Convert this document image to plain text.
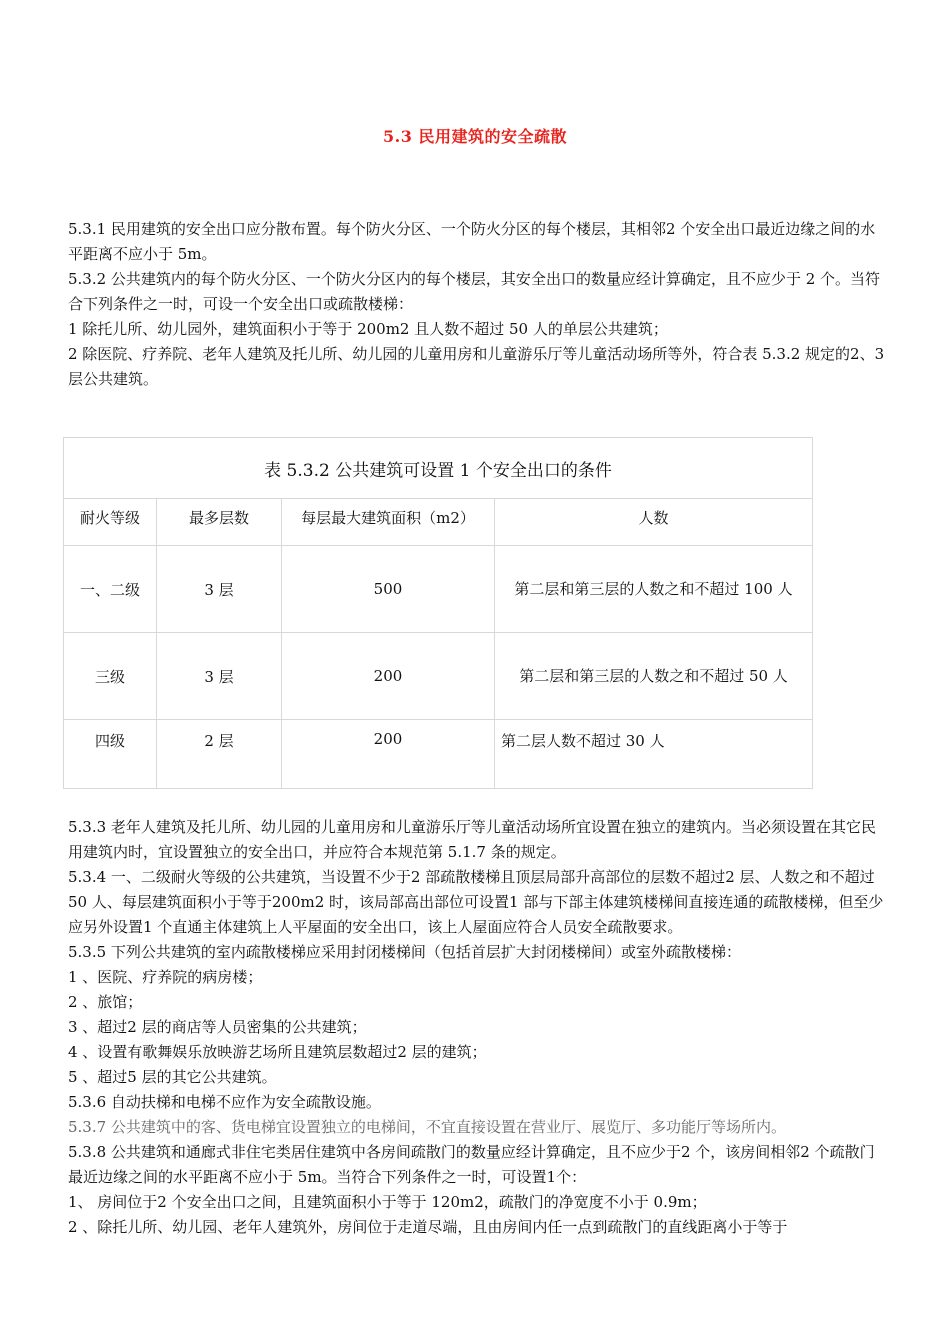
5.3 民用建筑的安全疏散

5.3.1 民用建筑的安全出口应分散布置。每个防火分区、一个防火分区的每个楼层，其相邻2 个安全出口最近边缘之间的水平距离不应小于 5m。

5.3.2 公共建筑内的每个防火分区、一个防火分区内的每个楼层，其安全出口的数量应经计算确定，且不应少于 2 个。当符合下列条件之一时，可设一个安全出口或疏散楼梯：

1 除托儿所、幼儿园外，建筑面积小于等于 200m2 且人数不超过 50 人的单层公共建筑；

2 除医院、疗养院、老年人建筑及托儿所、幼儿园的儿童用房和儿童游乐厅等儿童活动场所等外，符合表 5.3.2 规定的2、3 层公共建筑。

表 5.3.2 公共建筑可设置 1 个安全出口的条件			
耐火等级	最多层数	每层最大建筑面积（m2）	人数
一、二级	3 层	500	第二层和第三层的人数之和不超过 100 人
三级	3 层	200	第二层和第三层的人数之和不超过 50 人
四级	2 层	200	第二层人数不超过 30 人

5.3.3 老年人建筑及托儿所、幼儿园的儿童用房和儿童游乐厅等儿童活动场所宜设置在独立的建筑内。当必须设置在其它民用建筑内时，宜设置独立的安全出口，并应符合本规范第 5.1.7 条的规定。

5.3.4 一、二级耐火等级的公共建筑，当设置不少于2 部疏散楼梯且顶层局部升高部位的层数不超过2 层、人数之和不超过 50 人、每层建筑面积小于等于200m2 时，该局部高出部位可设置1 部与下部主体建筑楼梯间直接连通的疏散楼梯，但至少应另外设置1 个直通主体建筑上人平屋面的安全出口，该上人屋面应符合人员安全疏散要求。

5.3.5 下列公共建筑的室内疏散楼梯应采用封闭楼梯间（包括首层扩大封闭楼梯间）或室外疏散楼梯：

1 、医院、疗养院的病房楼；

2 、旅馆；

3 、超过2 层的商店等人员密集的公共建筑；

4 、设置有歌舞娱乐放映游艺场所且建筑层数超过2 层的建筑；

5 、超过5 层的其它公共建筑。

5.3.6 自动扶梯和电梯不应作为安全疏散设施。

5.3.7 公共建筑中的客、货电梯宜设置独立的电梯间，不宜直接设置在营业厅、展览厅、多功能厅等场所内。

5.3.8 公共建筑和通廊式非住宅类居住建筑中各房间疏散门的数量应经计算确定，且不应少于2 个，该房间相邻2 个疏散门最近边缘之间的水平距离不应小于 5m。当符合下列条件之一时，可设置1个：

1、 房间位于2 个安全出口之间，且建筑面积小于等于 120m2，疏散门的净宽度不小于 0.9m；

2 、除托儿所、幼儿园、老年人建筑外，房间位于走道尽端，且由房间内任一点到疏散门的直线距离小于等于
